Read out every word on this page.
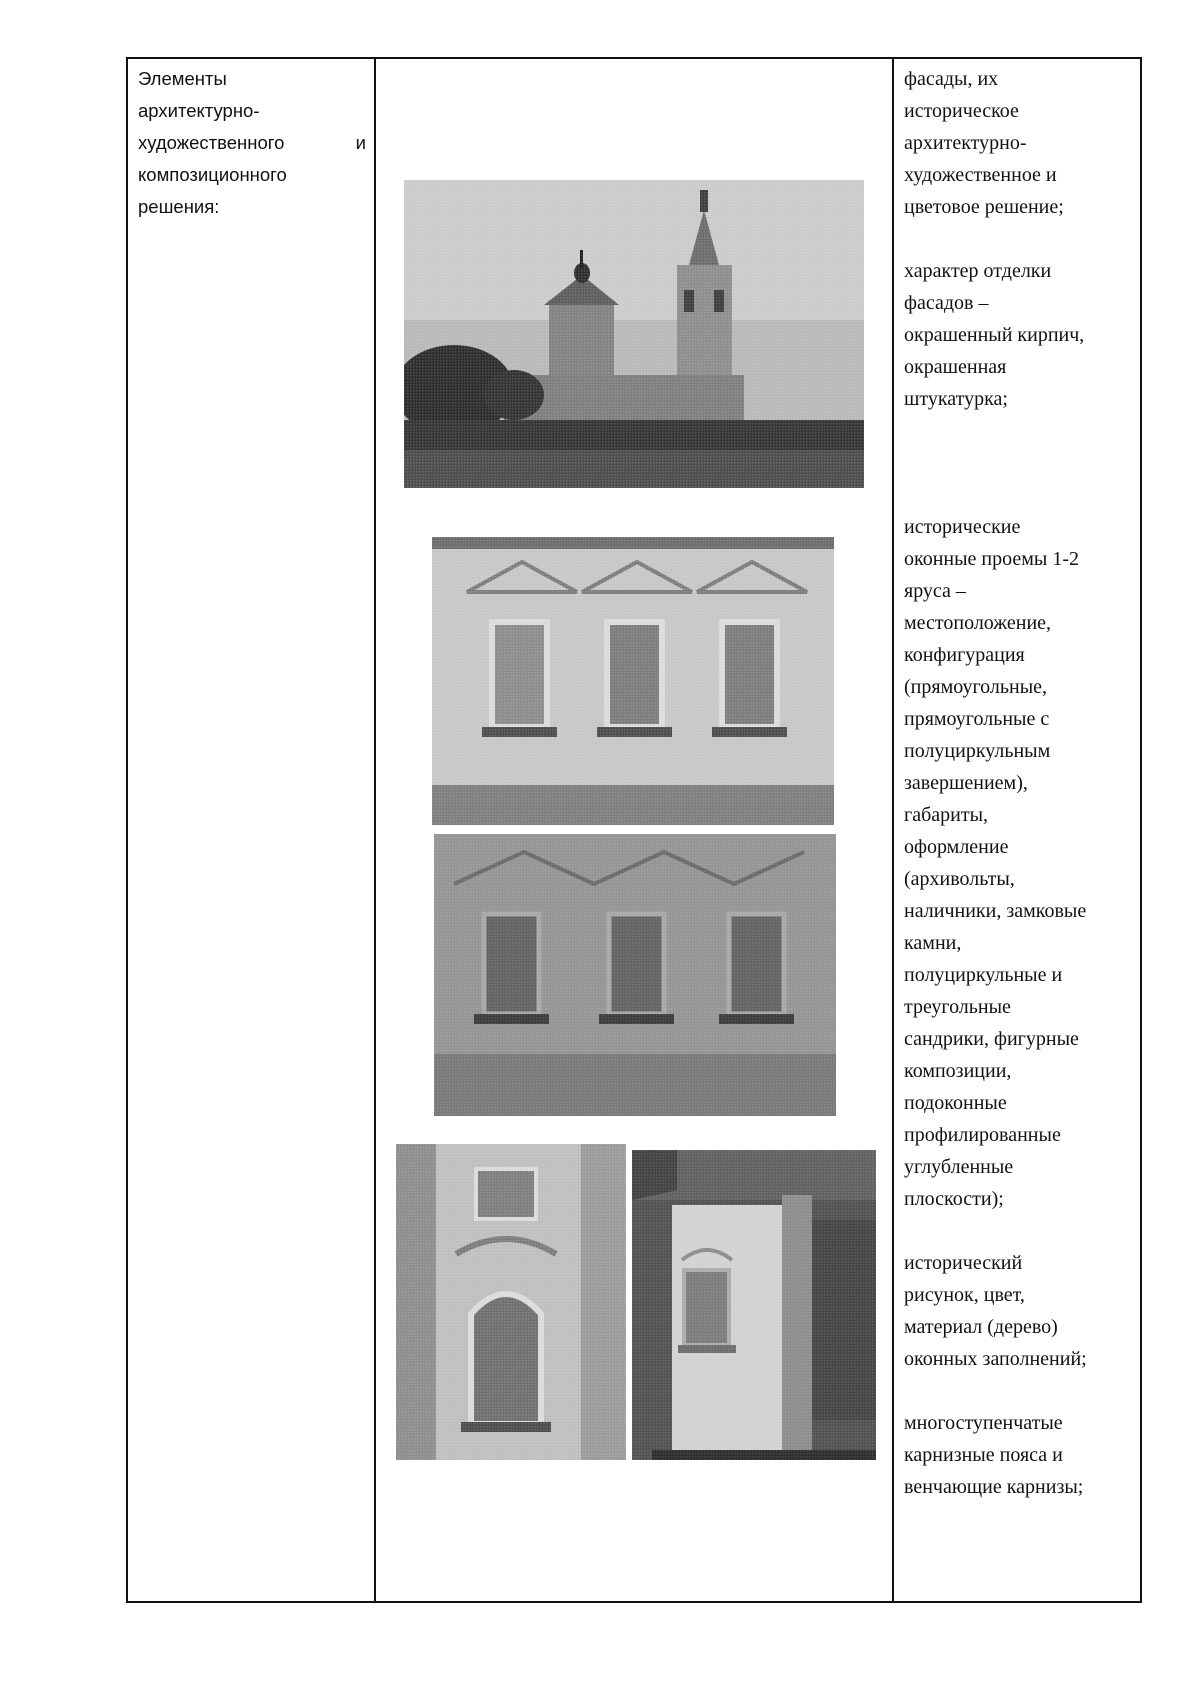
Элементы
архитектурно-
художественного	и
композиционного
решения:

фасады, их
историческое
архитектурно-
художественное и
цветовое решение;

характер отделки
фасадов –
окрашенный кирпич,
окрашенная
штукатурка;

исторические
оконные проемы 1-2
яруса –
местоположение,
конфигурация
(прямоугольные,
прямоугольные с
полуциркульным
завершением),
габариты,
оформление
(архивольты,
наличники, замковые
камни,
полуциркульные и
треугольные
сандрики, фигурные
композиции,
подоконные
профилированные
углубленные
плоскости);

исторический
рисунок, цвет,
материал (дерево)
оконных заполнений;

многоступенчатые
карнизные пояса и
венчающие карнизы;
